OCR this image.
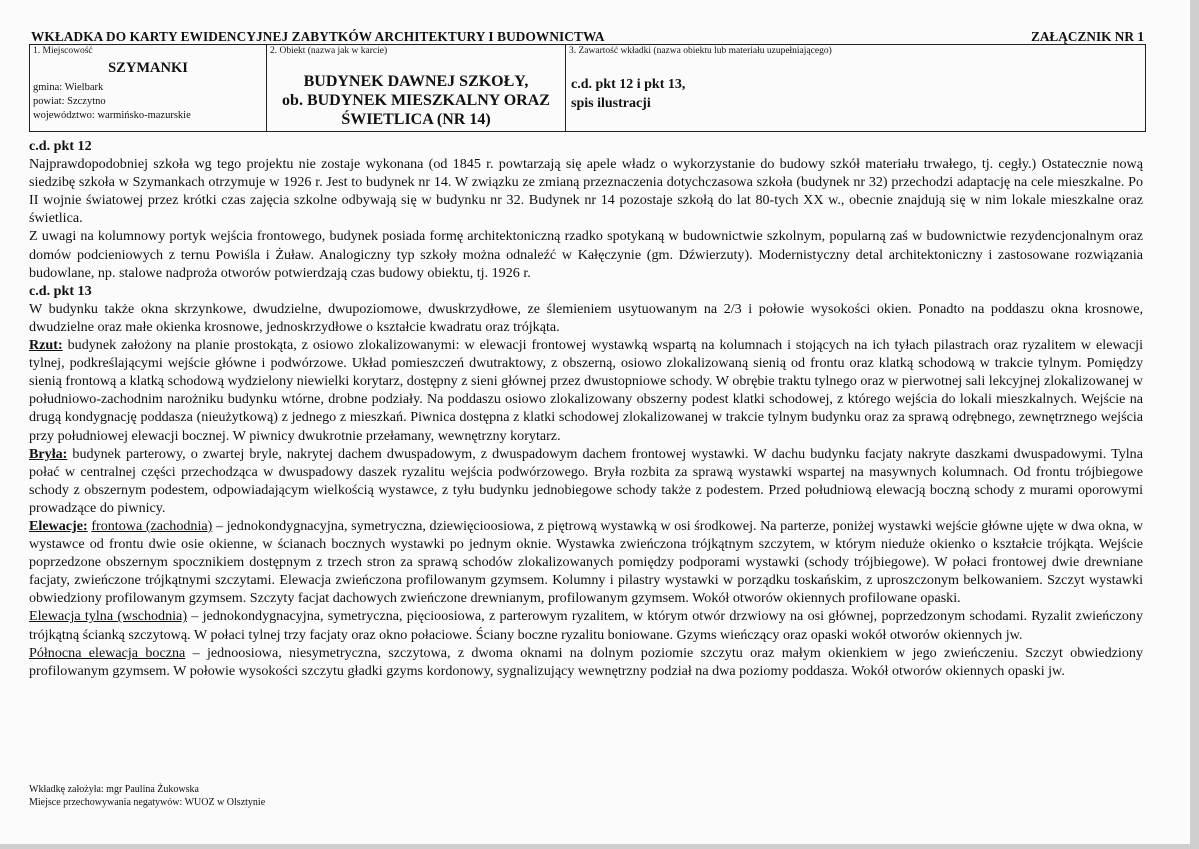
WKŁADKA DO KARTY EWIDENCYJNEJ ZABYTKÓW ARCHITEKTURY I BUDOWNICTWA	ZAŁĄCZNIK NR 1
1. Miejscowość
SZYMANKI
gmina: Wielbark
powiat: Szczytno
województwo: warmińsko-mazurskie
2. Obiekt (nazwa jak w karcie)
BUDYNEK DAWNEJ SZKOŁY,
ob. BUDYNEK MIESZKALNY ORAZ
ŚWIETLICA (NR 14)
3. Zawartość wkładki (nazwa obiektu lub materiału uzupełniającego)
c.d. pkt 12 i pkt 13,
spis ilustracji

c.d. pkt 12

Najprawdopodobniej szkoła wg tego projektu nie zostaje wykonana (od 1845 r. powtarzają się apele władz o wykorzystanie do budowy szkół materiału trwałego, tj. cegły.) Ostatecznie nową siedzibę szkoła w Szymankach otrzymuje w 1926 r. Jest to budynek nr 14. W związku ze zmianą przeznaczenia dotychczasowa szkoła (budynek nr 32) przechodzi adaptację na cele mieszkalne. Po II wojnie światowej przez krótki czas zajęcia szkolne odbywają się w budynku nr 32. Budynek nr 14 pozostaje szkołą do lat 80-tych XX w., obecnie znajdują się w nim lokale mieszkalne oraz świetlica.

Z uwagi na kolumnowy portyk wejścia frontowego, budynek posiada formę architektoniczną rzadko spotykaną w budownictwie szkolnym, popularną zaś w budownictwie rezydencjonalnym oraz domów podcieniowych z ternu Powiśla i Żuław. Analogiczny typ szkoły można odnaleźć w Kałęczynie (gm. Dźwierzuty). Modernistyczny detal architektoniczny i zastosowane rozwiązania budowlane, np. stalowe nadproża otworów potwierdzają czas budowy obiektu, tj. 1926 r.

c.d. pkt 13

W budynku także okna skrzynkowe, dwudzielne, dwupoziomowe, dwuskrzydłowe, ze ślemieniem usytuowanym na 2/3 i połowie wysokości okien. Ponadto na poddaszu okna krosnowe, dwudzielne oraz małe okienka krosnowe, jednoskrzydłowe o kształcie kwadratu oraz trójkąta.

Rzut: budynek założony na planie prostokąta, z osiowo zlokalizowanymi: w elewacji frontowej wystawką wspartą na kolumnach i stojących na ich tyłach pilastrach oraz ryzalitem w elewacji tylnej, podkreślającymi wejście główne i podwórzowe. Układ pomieszczeń dwutraktowy, z obszerną, osiowo zlokalizowaną sienią od frontu oraz klatką schodową w trakcie tylnym. Pomiędzy sienią frontową a klatką schodową wydzielony niewielki korytarz, dostępny z sieni głównej przez dwustopniowe schody. W obrębie traktu tylnego oraz w pierwotnej sali lekcyjnej zlokalizowanej w południowo-zachodnim narożniku budynku wtórne, drobne podziały. Na poddaszu osiowo zlokalizowany obszerny podest klatki schodowej, z którego wejścia do lokali mieszkalnych. Wejście na drugą kondygnację poddasza (nieużytkową) z jednego z mieszkań. Piwnica dostępna z klatki schodowej zlokalizowanej w trakcie tylnym budynku oraz za sprawą odrębnego, zewnętrznego wejścia przy południowej elewacji bocznej. W piwnicy dwukrotnie przełamany, wewnętrzny korytarz.

Bryła: budynek parterowy, o zwartej bryle, nakrytej dachem dwuspadowym, z dwuspadowym dachem frontowej wystawki. W dachu budynku facjaty nakryte daszkami dwuspadowymi. Tylna połać w centralnej części przechodząca w dwuspadowy daszek ryzalitu wejścia podwórzowego. Bryła rozbita za sprawą wystawki wspartej na masywnych kolumnach. Od frontu trójbiegowe schody z obszernym podestem, odpowiadającym wielkością wystawce, z tyłu budynku jednobiegowe schody także z podestem. Przed południową elewacją boczną schody z murami oporowymi prowadzące do piwnicy.

Elewacje: frontowa (zachodnia) – jednokondygnacyjna, symetryczna, dziewięcioosiowa, z piętrową wystawką w osi środkowej. Na parterze, poniżej wystawki wejście główne ujęte w dwa okna, w wystawce od frontu dwie osie okienne, w ścianach bocznych wystawki po jednym oknie. Wystawka zwieńczona trójkątnym szczytem, w którym nieduże okienko o kształcie trójkąta. Wejście poprzedzone obszernym spocznikiem dostępnym z trzech stron za sprawą schodów zlokalizowanych pomiędzy podporami wystawki (schody trójbiegowe). W połaci frontowej dwie drewniane facjaty, zwieńczone trójkątnymi szczytami. Elewacja zwieńczona profilowanym gzymsem. Kolumny i pilastry wystawki w porządku toskańskim, z uproszczonym belkowaniem. Szczyt wystawki obwiedziony profilowanym gzymsem. Szczyty facjat dachowych zwieńczone drewnianym, profilowanym gzymsem. Wokół otworów okiennych profilowane opaski.

Elewacja tylna (wschodnia) – jednokondygnacyjna, symetryczna, pięcioosiowa, z parterowym ryzalitem, w którym otwór drzwiowy na osi głównej, poprzedzonym schodami. Ryzalit zwieńczony trójkątną ścianką szczytową. W połaci tylnej trzy facjaty oraz okno połaciowe. Ściany boczne ryzalitu boniowane. Gzyms wieńczący oraz opaski wokół otworów okiennych jw.

Północna elewacja boczna – jednoosiowa, niesymetryczna, szczytowa, z dwoma oknami na dolnym poziomie szczytu oraz małym okienkiem w jego zwieńczeniu. Szczyt obwiedziony profilowanym gzymsem. W połowie wysokości szczytu gładki gzyms kordonowy, sygnalizujący wewnętrzny podział na dwa poziomy poddasza. Wokół otworów okiennych opaski jw.

Wkładkę założyła: mgr Paulina Żukowska
Miejsce przechowywania negatywów: WUOZ w Olsztynie
